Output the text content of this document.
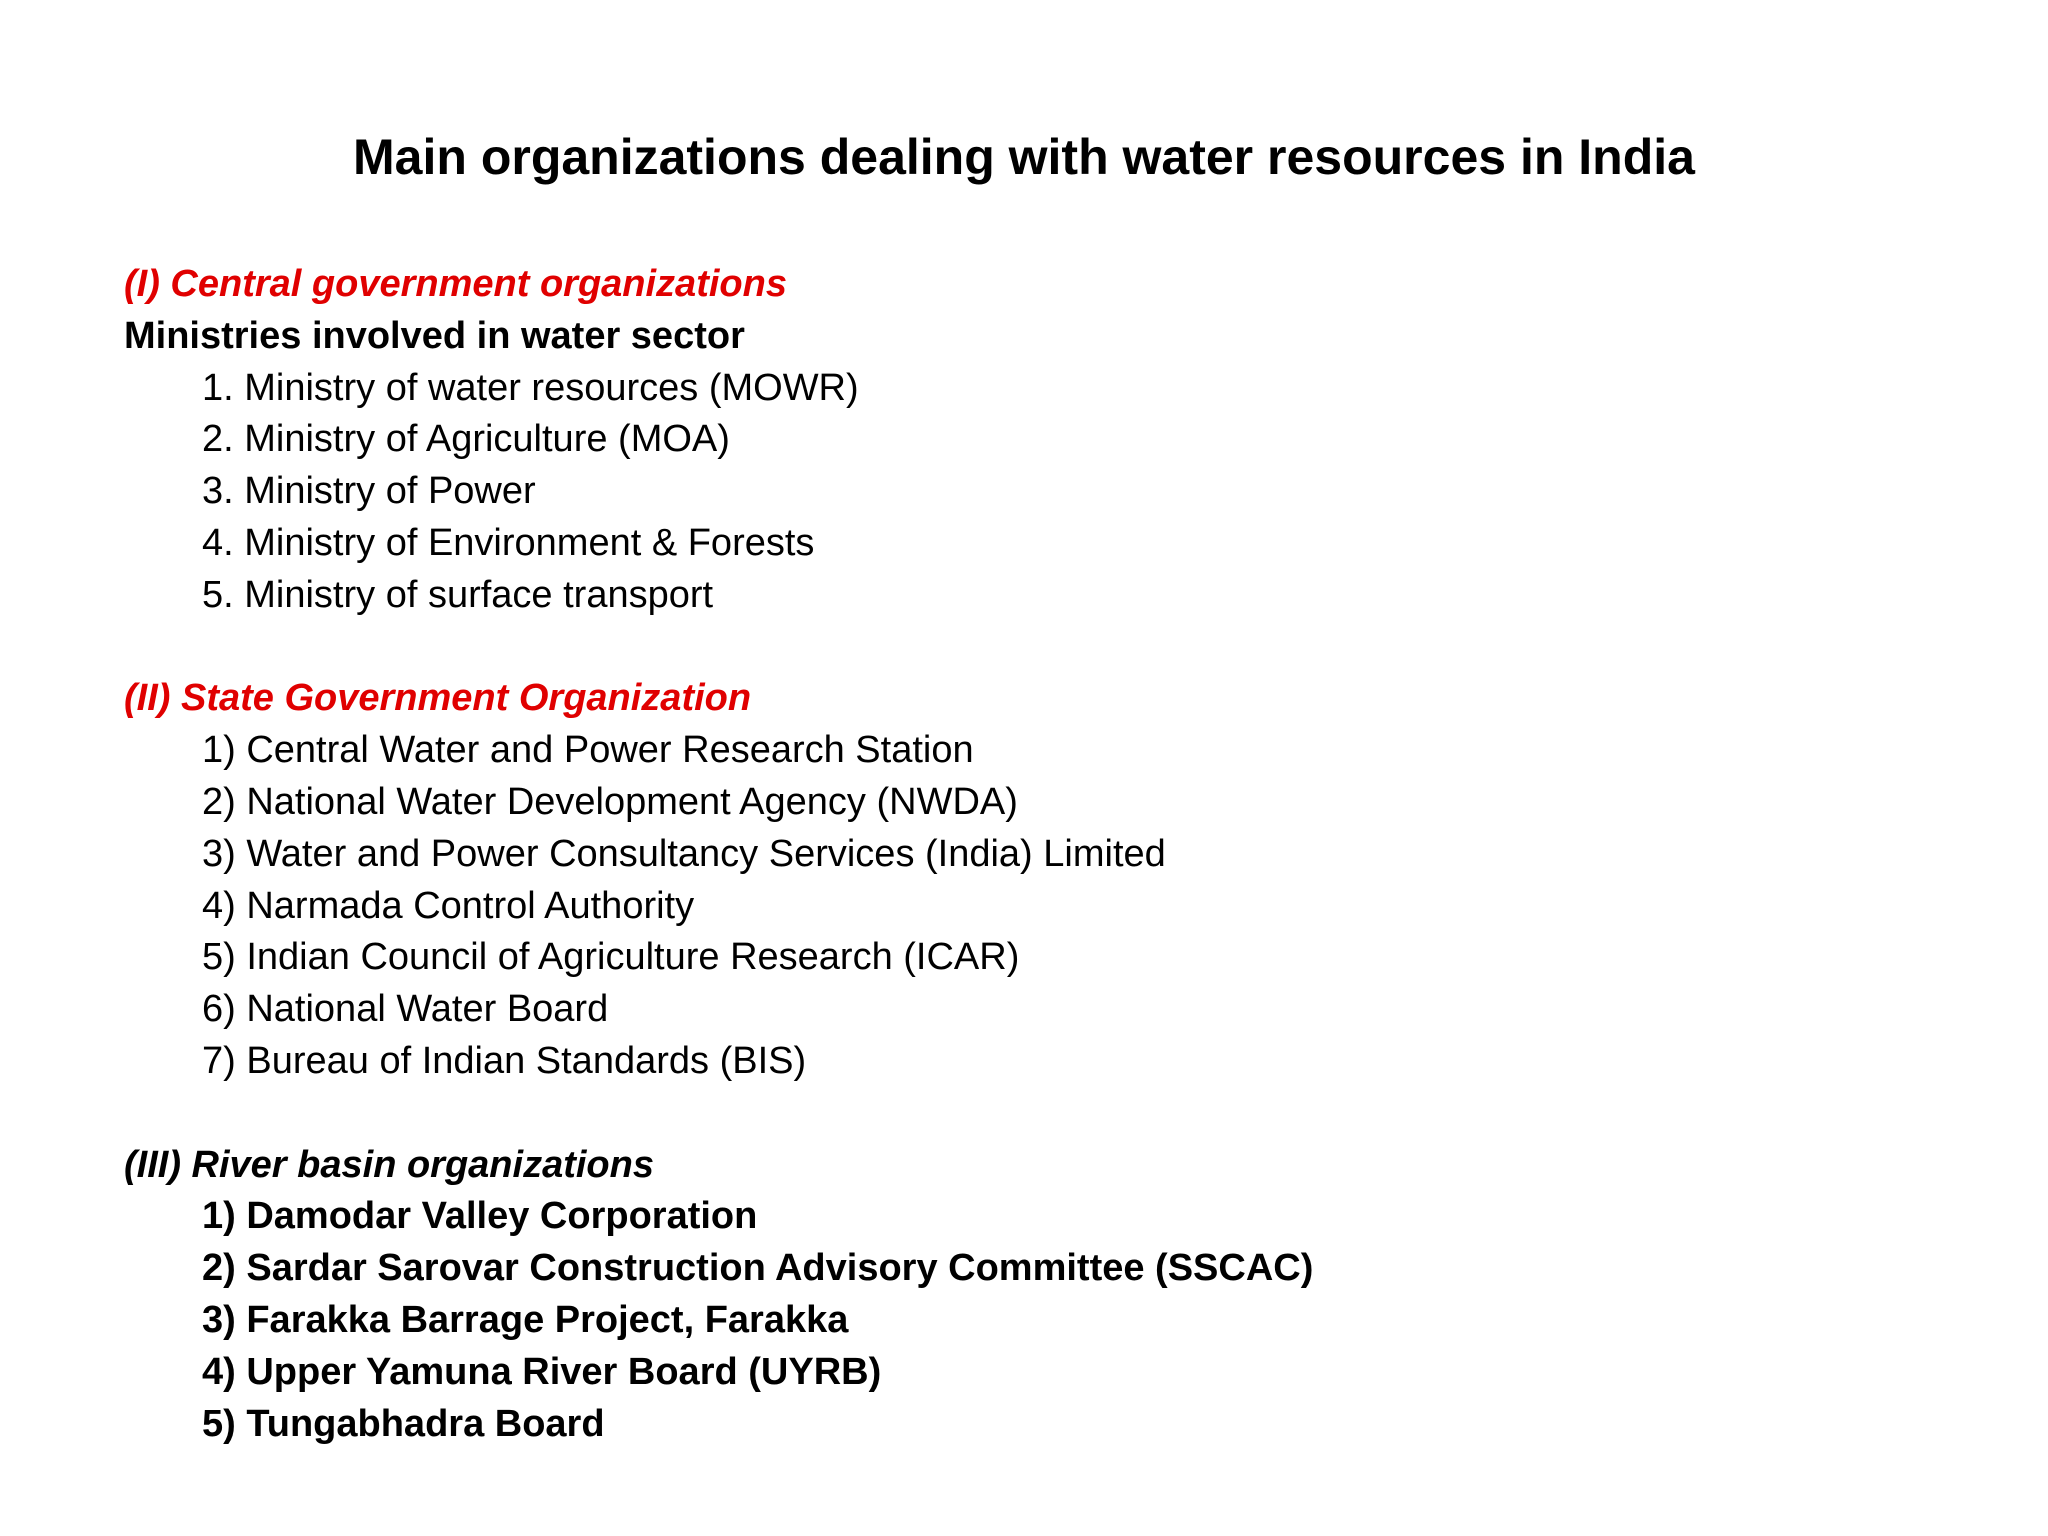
Main organizations dealing with water resources in India

(I) Central government organizations

Ministries involved in water sector

1. Ministry of water resources (MOWR)

2. Ministry of Agriculture (MOA)

3. Ministry of Power

4. Ministry of Environment & Forests

5. Ministry of surface transport

(II) State Government Organization

1) Central Water and Power Research Station

2) National Water Development Agency (NWDA)

3) Water and Power Consultancy Services (India) Limited

4) Narmada Control Authority

5) Indian Council of Agriculture Research (ICAR)

6) National Water Board

7) Bureau of Indian Standards (BIS)

(III) River basin organizations

1) Damodar Valley Corporation

2) Sardar Sarovar Construction Advisory Committee (SSCAC)

3) Farakka Barrage Project, Farakka

4) Upper Yamuna River Board (UYRB)

5) Tungabhadra Board
